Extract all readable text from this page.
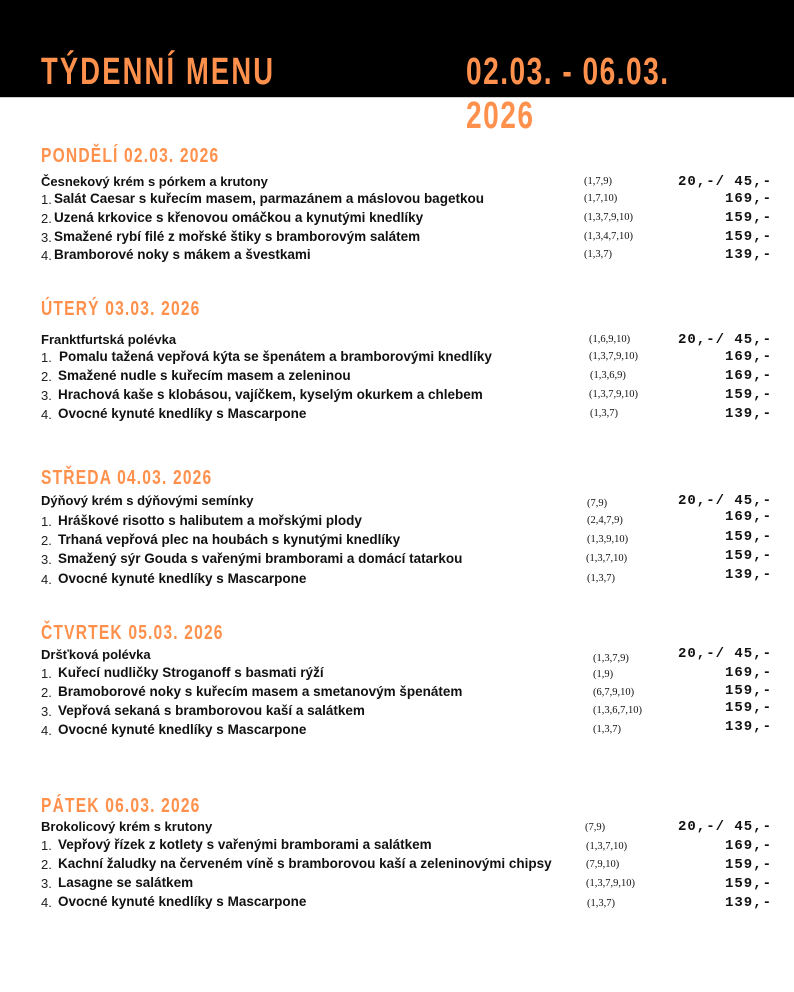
TÝDENNÍ MENU	02.03. - 06.03. 2026
PONDĚLÍ 02.03. 2026
Česnekový krém s pórkem a krutony	(1,7,9)	20,-/ 45,-
1. Salát Caesar s kuřecím masem, parmazánem a máslovou bagetkou	(1,7,10)	169,-
2. Uzená krkovice s křenovou omáčkou a kynutými knedlíky	(1,3,7,9,10)	159,-
3. Smažené rybí filé z mořské štiky s bramborovým salátem	(1,3,4,7,10)	159,-
4. Bramborové noky s mákem a švestkami	(1,3,7)	139,-
ÚTERÝ 03.03. 2026
Franktfurtská polévka	(1,6,9,10)	20,-/ 45,-
1. Pomalu tažená vepřová kýta se špenátem a bramborovými knedlíky	(1,3,7,9,10)	169,-
2. Smažené nudle s kuřecím masem a zeleninou	(1,3,6,9)	169,-
3. Hrachová kaše s klobásou, vajíčkem, kyselým okurkem a chlebem	(1,3,7,9,10)	159,-
4. Ovocné kynuté knedlíky s Mascarpone	(1,3,7)	139,-
STŘEDA 04.03. 2026
Dýňový krém s dýňovými semínky	(7,9)	20,-/ 45,-
1. Hráškové risotto s halibutem a mořskými plody	(2,4,7,9)	169,-
2. Trhaná vepřová plec na houbách s kynutými knedlíky	(1,3,9,10)	159,-
3. Smažený sýr Gouda s vařenými bramborami a domácí tatarkou	(1,3,7,10)	159,-
4. Ovocné kynuté knedlíky s Mascarpone	(1,3,7)	139,-
ČTVRTEK 05.03. 2026
Dršťková polévka	(1,3,7,9)	20,-/ 45,-
1. Kuřecí nudličky Stroganoff s basmati rýží	(1,9)	169,-
2. Bramoborové noky s kuřecím masem a smetanovým špenátem	(6,7,9,10)	159,-
3. Vepřová sekaná s bramborovou kaší a salátkem	(1,3,6,7,10)	159,-
4. Ovocné kynuté knedlíky s Mascarpone	(1,3,7)	139,-
PÁTEK 06.03. 2026
Brokolicový krém s krutony	(7,9)	20,-/ 45,-
1. Vepřový řízek z kotlety s vařenými bramborami a salátkem	(1,3,7,10)	169,-
2. Kachní žaludky na červeném víně s bramborovou kaší a zeleninovými chipsy	(7,9,10)	159,-
3. Lasagne se salátkem	(1,3,7,9,10)	159,-
4. Ovocné kynuté knedlíky s Mascarpone	(1,3,7)	139,-
